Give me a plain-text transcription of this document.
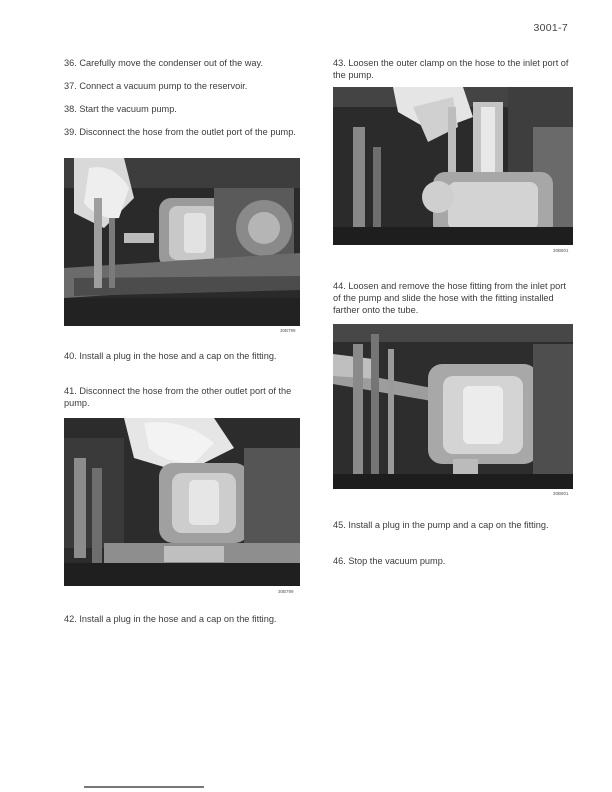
3001-7

36. Carefully move the condenser out of the way.

37. Connect a vacuum pump to the reservoir.

38. Start the vacuum pump.

39. Disconnect the hose from the outlet port of the pump.

30B799

40. Install a plug in the hose and a cap on the fitting.

41. Disconnect the hose from the other outlet port of the pump.

30B799

42. Install a plug in the hose and a cap on the fitting.

43. Loosen the outer clamp on the hose to the inlet port of the pump.

30B801

44. Loosen and remove the hose fitting from the inlet port of the pump and slide the hose with the fitting installed farther onto the tube.

30B801

45. Install a plug in the pump and a cap on the fitting.

46. Stop the vacuum pump.
